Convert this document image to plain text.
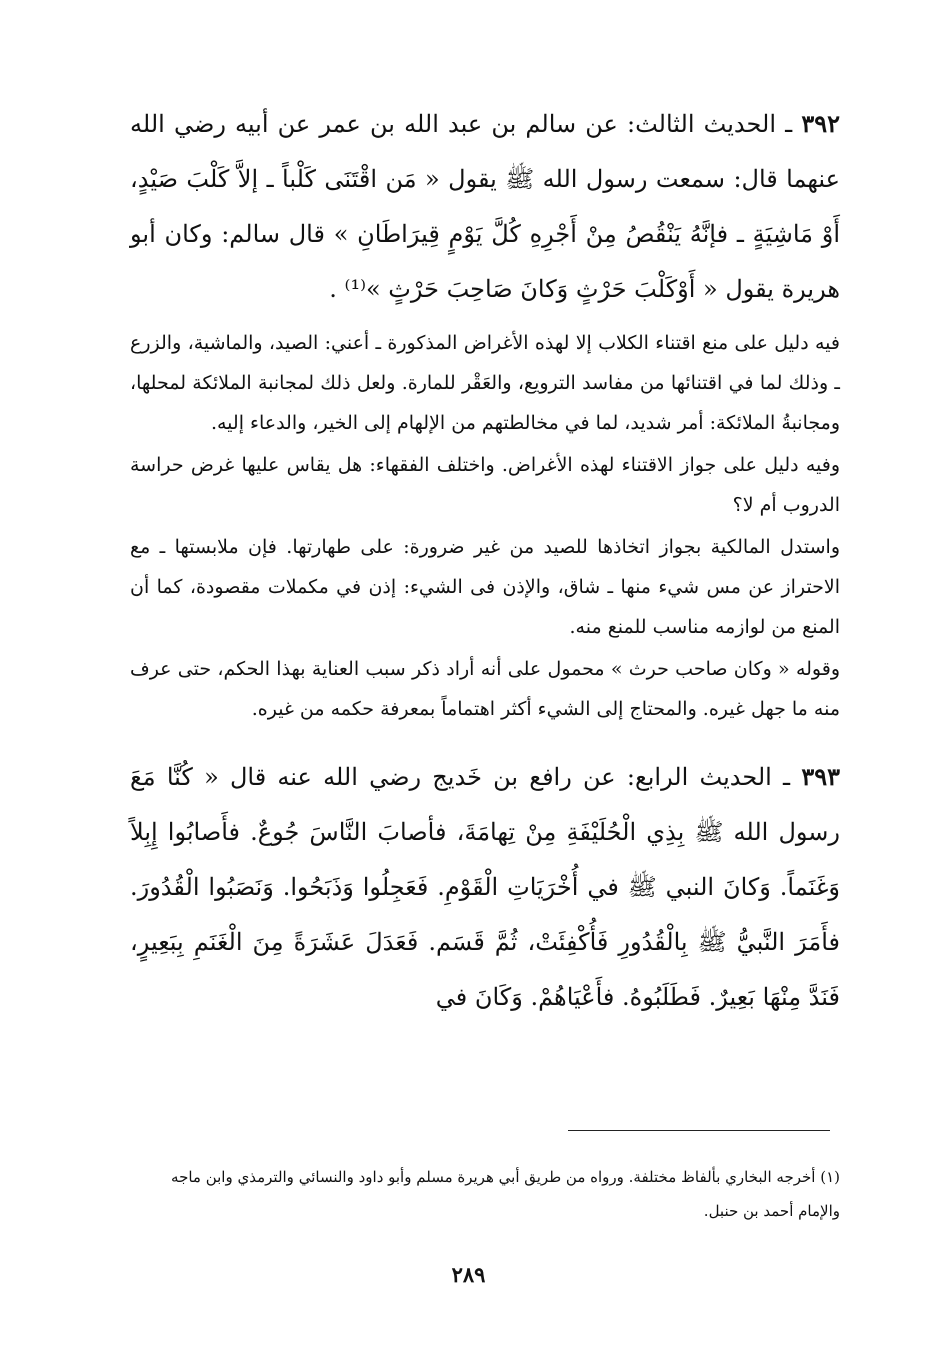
٣٩٢ ـ الحديث الثالث: عن سالم بن عبد الله بن عمر عن أبيه رضي الله عنهما قال: سمعت رسول الله ﷺ يقول « مَن اقْتَنَى كَلْباً ـ إلاَّ كَلْبَ صَيْدٍ، أَوْ مَاشِيَةٍ ـ فإنَّهُ يَنْقُصُ مِنْ أَجْرِهِ كُلَّ يَوْمٍ قِيرَاطَانِ » قال سالم: وكان أبو هريرة يقول « أَوْكَلْبَ حَرْثٍ وَكانَ صَاحِبَ حَرْثٍ »⁽¹⁾ .

فيه دليل على منع اقتناء الكلاب إلا لهذه الأغراض المذكورة ـ أعني: الصيد، والماشية، والزرع ـ وذلك لما في اقتنائها من مفاسد الترويع، والعَقْر للمارة. ولعل ذلك لمجانبة الملائكة لمحلها، ومجانبةُ الملائكة: أمر شديد، لما في مخالطتهم من الإلهام إلى الخير، والدعاء إليه.

وفيه دليل على جواز الاقتناء لهذه الأغراض. واختلف الفقهاء: هل يقاس عليها غرض حراسة الدروب أم لا؟

واستدل المالكية بجواز اتخاذها للصيد من غير ضرورة: على طهارتها. فإن ملابستها ـ مع الاحتراز عن مس شيء منها ـ شاق، والإذن فى الشيء: إذن في مكملات مقصودة، كما أن المنع من لوازمه مناسب للمنع منه.

وقوله « وكان صاحب حرث » محمول على أنه أراد ذكر سبب العناية بهذا الحكم، حتى عرف منه ما جهل غيره. والمحتاج إلى الشيء أكثر اهتماماً بمعرفة حكمه من غيره.

٣٩٣ ـ الحديث الرابع: عن رافع بن خَديج رضي الله عنه قال « كُنَّا مَعَ رسول الله ﷺ بِذِي الْحُلَيْفَةِ مِنْ تِهامَةَ، فأصابَ النَّاسَ جُوعٌ. فأَصابُوا إِبِلاً وَغَنَماً. وَكانَ النبي ﷺ في أُخْرَيَاتِ الْقَوْمِ. فَعَجِلُوا وَذَبَحُوا. وَنَصَبُوا الْقُدُورَ. فأَمَرَ النَّبيُّ ﷺ بِالْقُدُورِ فَأُكْفِئَتْ، ثُمَّ قَسَم. فَعَدَلَ عَشَرَةً مِنَ الْغَنَمِ بِبَعِيرٍ، فَنَدَّ مِنْهَا بَعِيرٌ. فَطَلَبُوهُ. فأَعْيَاهُمْ. وَكَانَ في

(١) أخرجه البخاري بألفاظ مختلفة. ورواه من طريق أبي هريرة مسلم وأبو داود والنسائي والترمذي وابن ماجه والإمام أحمد بن حنبل.

٢٨٩
